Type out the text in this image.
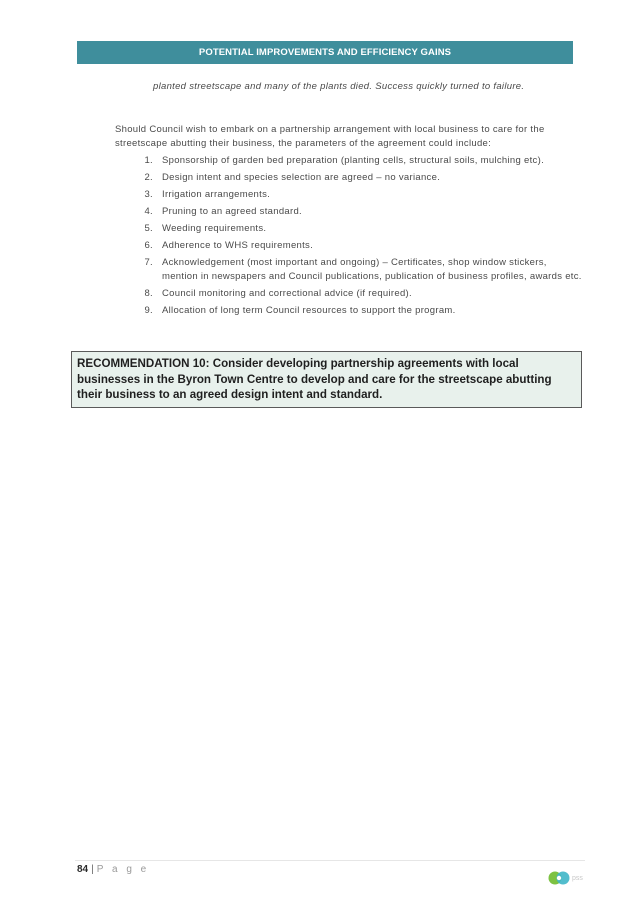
POTENTIAL IMPROVEMENTS AND EFFICIENCY GAINS

planted streetscape and many of the plants died. Success quickly turned to failure.

Should Council wish to embark on a partnership arrangement with local business to care for the streetscape abutting their business, the parameters of the agreement could include:

1. Sponsorship of garden bed preparation (planting cells, structural soils, mulching etc).
2. Design intent and species selection are agreed – no variance.
3. Irrigation arrangements.
4. Pruning to an agreed standard.
5. Weeding requirements.
6. Adherence to WHS requirements.
7. Acknowledgement (most important and ongoing) – Certificates, shop window stickers, mention in newspapers and Council publications, publication of business profiles, awards etc.
8. Council monitoring and correctional advice (if required).
9. Allocation of long term Council resources to support the program.
RECOMMENDATION 10: Consider developing partnership agreements with local businesses in the Byron Town Centre to develop and care for the streetscape abutting their business to an agreed design intent and standard.
84 | P a g e
pss
